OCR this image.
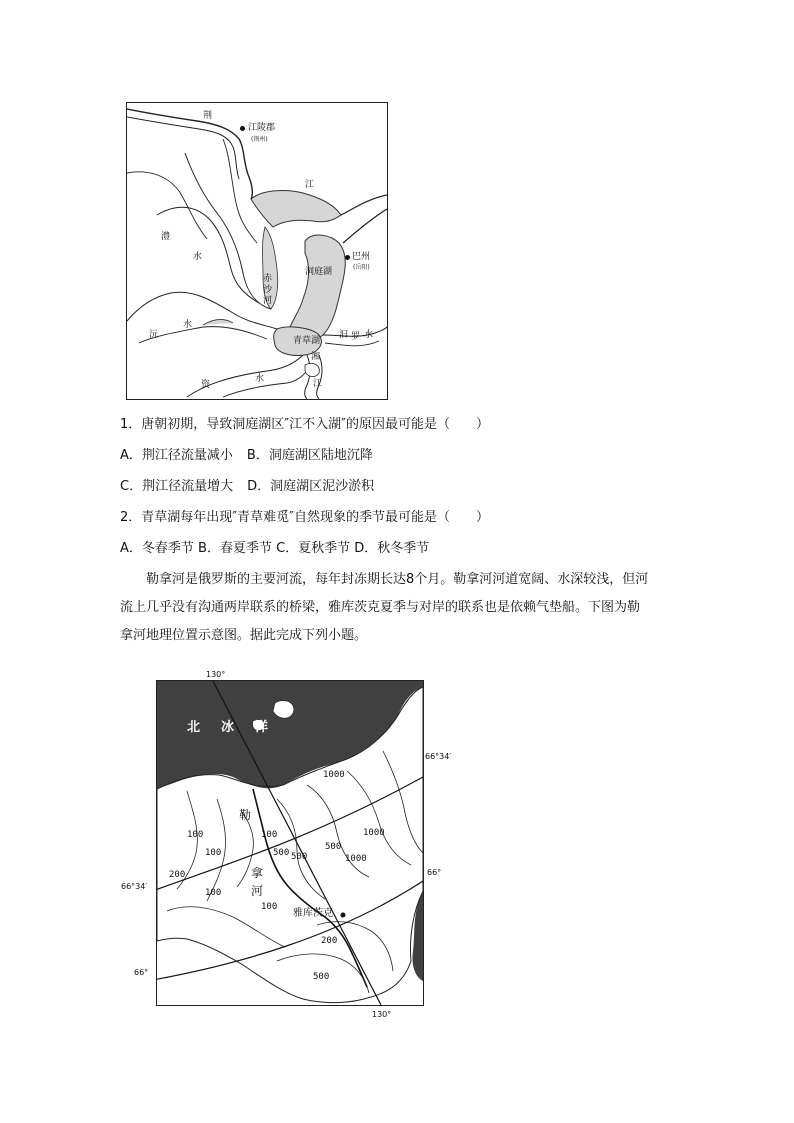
荆
江陵郡
(荆州)
江
澧
水
赤
沙
河
洞庭湖
巴州
(岳阳)
沅
水
青草湖
汩 罗 水
湘
江
资
水
1．唐朝初期，导致洞庭湖区″江不入湖″的原因最可能是（　　）
A．荆江径流量减小 B．洞庭湖区陆地沉降
C．荆江径流量增大 D．洞庭湖区泥沙淤积
2．青草湖每年出现″青草难觅″自然现象的季节最可能是（　　）
A．冬春季节 B．春夏季节 C．夏秋季节 D．秋冬季节

勒拿河是俄罗斯的主要河流，每年封冻期长达8个月。勒拿河河道宽阔、水深较浅，但河流上几乎没有沟通两岸联系的桥梁，雅库茨克夏季与对岸的联系也是依赖气垫船。下图为勒拿河地理位置示意图。据此完成下列小题。

130°
130°
66°34′
66°34′
66°
66°
北　冰　洋
勒
拿
河
雅库茨克
1000
100	100	1000
100	500
500
1000
200
500
100
100
200
500
